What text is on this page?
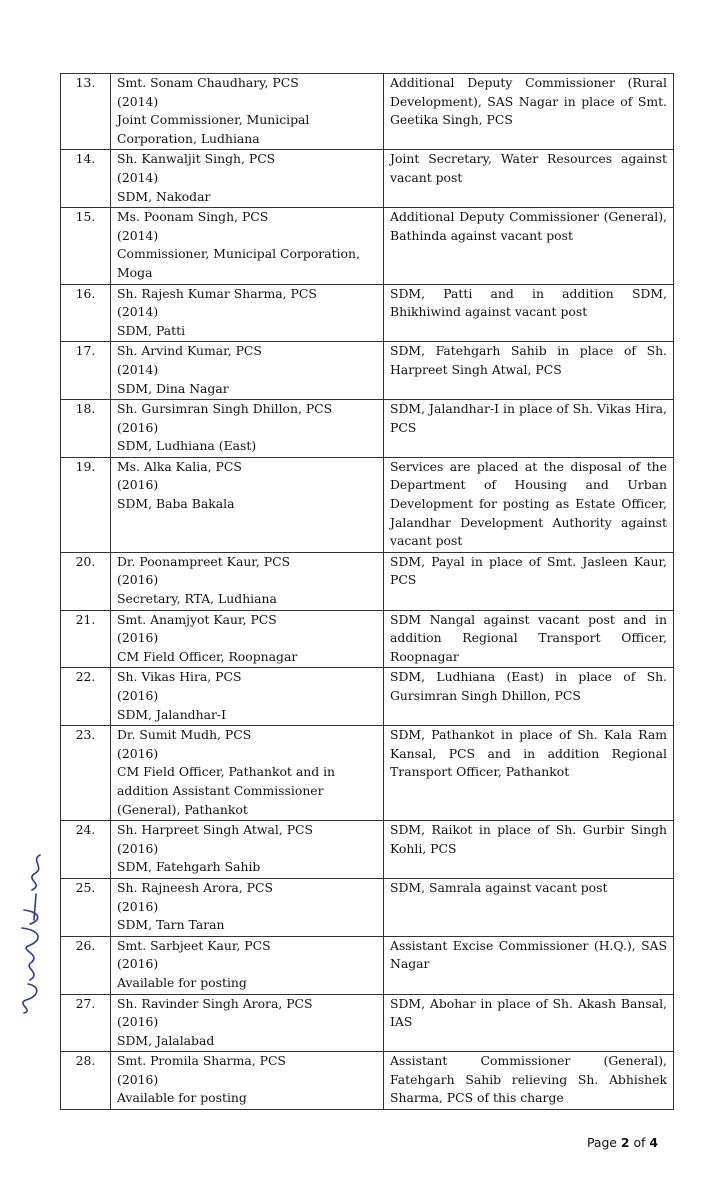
13.	Smt. Sonam Chaudhary, PCS
(2014)
Joint Commissioner, Municipal Corporation, Ludhiana	Additional Deputy Commissioner (Rural Development), SAS Nagar in place of Smt. Geetika Singh, PCS
14.	Sh. Kanwaljit Singh, PCS
(2014)
SDM, Nakodar	Joint Secretary, Water Resources against vacant post
15.	Ms. Poonam Singh, PCS
(2014)
Commissioner, Municipal Corporation, Moga	Additional Deputy Commissioner (General), Bathinda against vacant post
16.	Sh. Rajesh Kumar Sharma, PCS
(2014)
SDM, Patti	SDM, Patti and in addition SDM, Bhikhiwind against vacant post
17.	Sh. Arvind Kumar, PCS
(2014)
SDM, Dina Nagar	SDM, Fatehgarh Sahib in place of Sh. Harpreet Singh Atwal, PCS
18.	Sh. Gursimran Singh Dhillon, PCS
(2016)
SDM, Ludhiana (East)	SDM, Jalandhar-I in place of Sh. Vikas Hira, PCS
19.	Ms. Alka Kalia, PCS
(2016)
SDM, Baba Bakala	Services are placed at the disposal of the Department of Housing and Urban Development for posting as Estate Officer, Jalandhar Development Authority against vacant post
20.	Dr. Poonampreet Kaur, PCS
(2016)
Secretary, RTA, Ludhiana	SDM, Payal in place of Smt. Jasleen Kaur, PCS
21.	Smt. Anamjyot Kaur, PCS
(2016)
CM Field Officer, Roopnagar	SDM Nangal against vacant post and in addition Regional Transport Officer, Roopnagar
22.	Sh. Vikas Hira, PCS
(2016)
SDM, Jalandhar-I	SDM, Ludhiana (East) in place of Sh. Gursimran Singh Dhillon, PCS
23.	Dr. Sumit Mudh, PCS
(2016)
CM Field Officer, Pathankot and in addition Assistant Commissioner (General), Pathankot	SDM, Pathankot in place of Sh. Kala Ram Kansal, PCS and in addition Regional Transport Officer, Pathankot
24.	Sh. Harpreet Singh Atwal, PCS
(2016)
SDM, Fatehgarh Sahib	SDM, Raikot in place of Sh. Gurbir Singh Kohli, PCS
25.	Sh. Rajneesh Arora, PCS
(2016)
SDM, Tarn Taran	SDM, Samrala against vacant post
26.	Smt. Sarbjeet Kaur, PCS
(2016)
Available for posting	Assistant Excise Commissioner (H.Q.), SAS Nagar
27.	Sh. Ravinder Singh Arora, PCS
(2016)
SDM, Jalalabad	SDM, Abohar in place of Sh. Akash Bansal, IAS
28.	Smt. Promila Sharma, PCS
(2016)
Available for posting	Assistant Commissioner (General), Fatehgarh Sahib relieving Sh. Abhishek Sharma, PCS of this charge
Page 2 of 4
